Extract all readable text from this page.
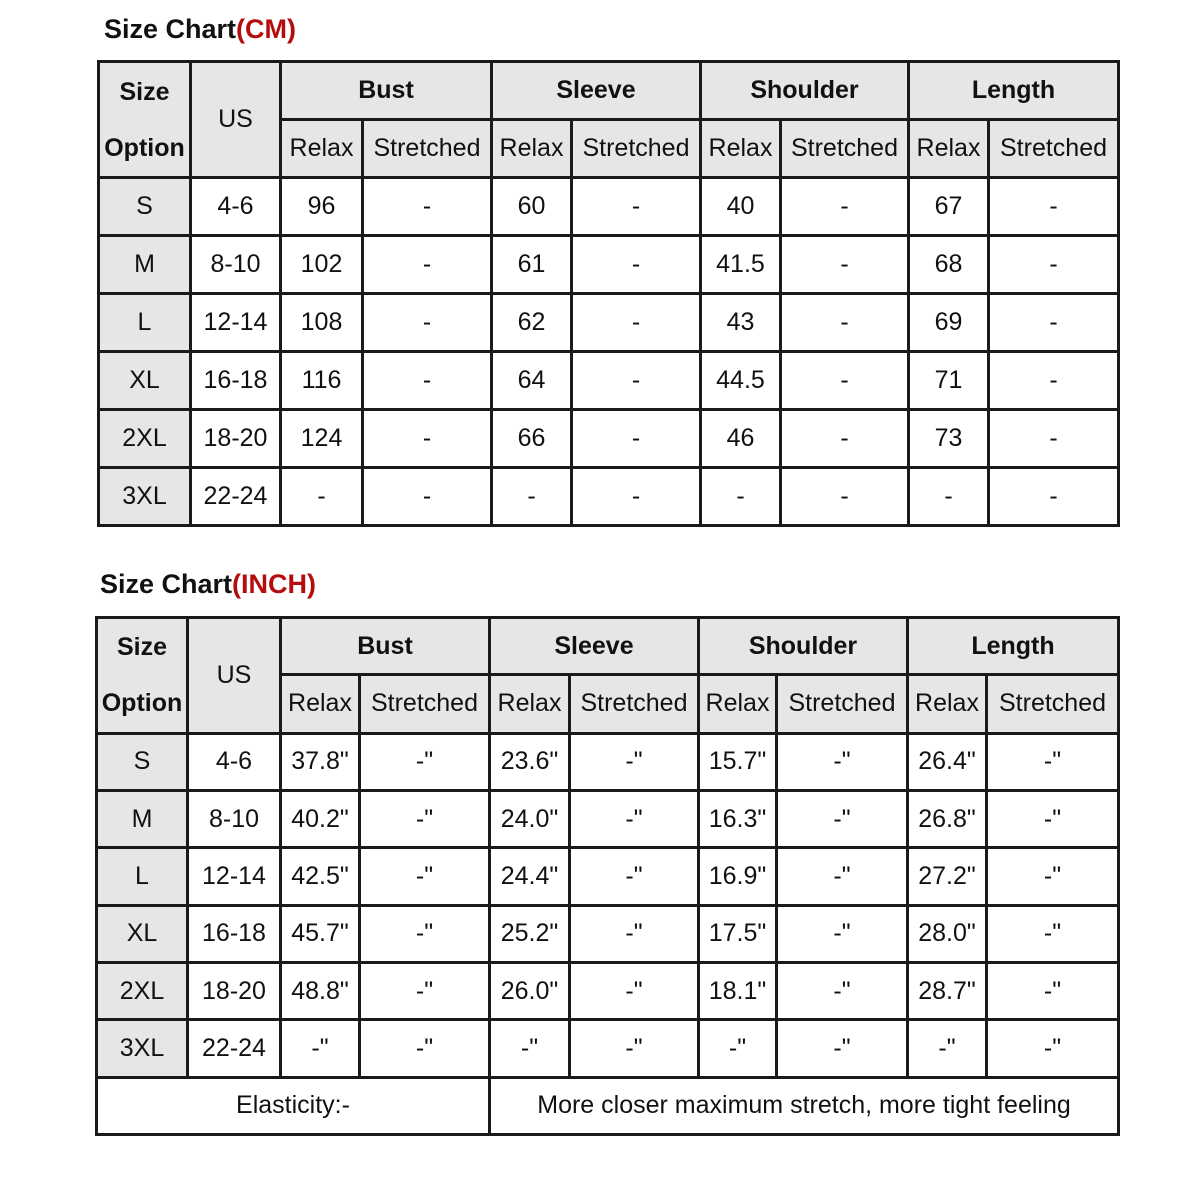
Size Chart(CM)
Size
Option	US	Bust		Sleeve		Shoulder		Length	
		Relax	Stretched	Relax	Stretched	Relax	Stretched	Relax	Stretched
S	4-6	96	-	60	-	40	-	67	-
M	8-10	102	-	61	-	41.5	-	68	-
L	12-14	108	-	62	-	43	-	69	-
XL	16-18	116	-	64	-	44.5	-	71	-
2XL	18-20	124	-	66	-	46	-	73	-
3XL	22-24	-	-	-	-	-	-	-	-
Size Chart(INCH)
Size
Option	US	Bust		Sleeve		Shoulder		Length	
		Relax	Stretched	Relax	Stretched	Relax	Stretched	Relax	Stretched
S	4-6	37.8"	-"	23.6"	-"	15.7"	-"	26.4"	-"
M	8-10	40.2"	-"	24.0"	-"	16.3"	-"	26.8"	-"
L	12-14	42.5"	-"	24.4"	-"	16.9"	-"	27.2"	-"
XL	16-18	45.7"	-"	25.2"	-"	17.5"	-"	28.0"	-"
2XL	18-20	48.8"	-"	26.0"	-"	18.1"	-"	28.7"	-"
3XL	22-24	-"	-"	-"	-"	-"	-"	-"	-"
Elasticity:-				More closer maximum stretch, more tight feeling					
